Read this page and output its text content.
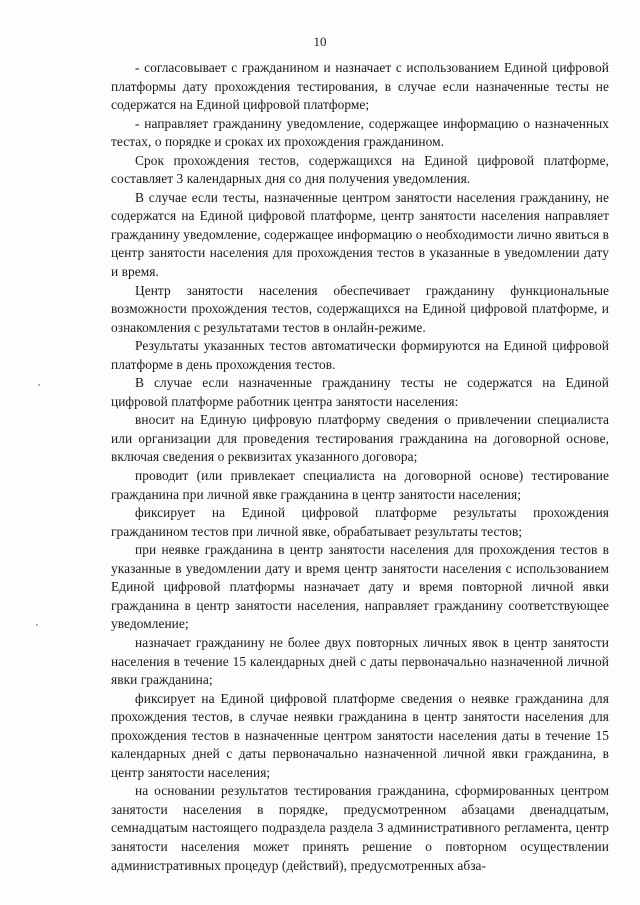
10

- согласовывает с гражданином и назначает с использованием Единой цифровой платформы дату прохождения тестирования, в случае если назначенные тесты не содержатся на Единой цифровой платформе;

- направляет гражданину уведомление, содержащее информацию о назначенных тестах, о порядке и сроках их прохождения гражданином.

Срок прохождения тестов, содержащихся на Единой цифровой платформе, составляет 3 календарных дня со дня получения уведомления.

В случае если тесты, назначенные центром занятости населения гражданину, не содержатся на Единой цифровой платформе, центр занятости населения направляет гражданину уведомление, содержащее информацию о необходимости лично явиться в центр занятости населения для прохождения тестов в указанные в уведомлении дату и время.

Центр занятости населения обеспечивает гражданину функциональные возможности прохождения тестов, содержащихся на Единой цифровой платформе, и ознакомления с результатами тестов в онлайн-режиме.

Результаты указанных тестов автоматически формируются на Единой цифровой платформе в день прохождения тестов.

В случае если назначенные гражданину тесты не содержатся на Единой цифровой платформе работник центра занятости населения:

вносит на Единую цифровую платформу сведения о привлечении специалиста или организации для проведения тестирования гражданина на договорной основе, включая сведения о реквизитах указанного договора;

проводит (или привлекает специалиста на договорной основе) тестирование гражданина при личной явке гражданина в центр занятости населения;

фиксирует на Единой цифровой платформе результаты прохождения гражданином тестов при личной явке, обрабатывает результаты тестов;

при неявке гражданина в центр занятости населения для прохождения тестов в указанные в уведомлении дату и время центр занятости населения с использованием Единой цифровой платформы назначает дату и время повторной личной явки гражданина в центр занятости населения, направляет гражданину соответствующее уведомление;

назначает гражданину не более двух повторных личных явок в центр занятости населения в течение 15 календарных дней с даты первоначально назначенной личной явки гражданина;

фиксирует на Единой цифровой платформе сведения о неявке гражданина для прохождения тестов, в случае неявки гражданина в центр занятости населения для прохождения тестов в назначенные центром занятости населения даты в течение 15 календарных дней с даты первоначально назначенной личной явки гражданина, в центр занятости населения;

на основании результатов тестирования гражданина, сформированных центром занятости населения в порядке, предусмотренном абзацами двенадцатым, семнадцатым настоящего подраздела раздела 3 административного регламента, центр занятости населения может принять решение о повторном осуществлении административных процедур (действий), предусмотренных абза-
